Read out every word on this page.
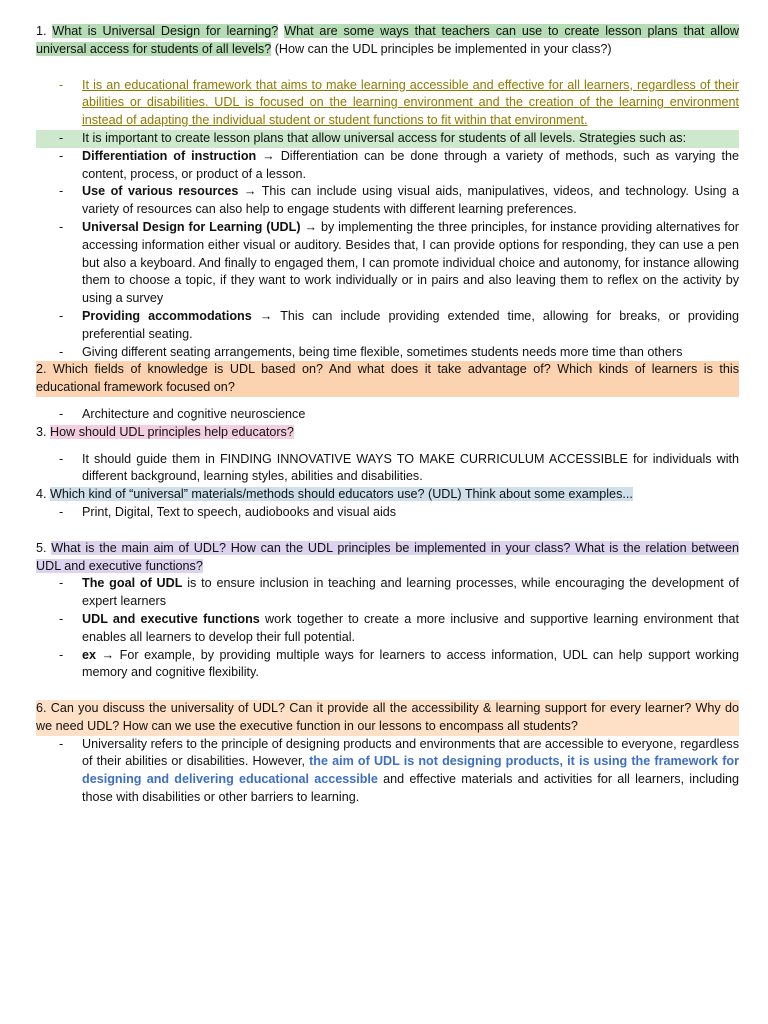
1. What is Universal Design for learning? What are some ways that teachers can use to create lesson plans that allow universal access for students of all levels? (How can the UDL principles be implemented in your class?)

- It is an educational framework that aims to make learning accessible and effective for all learners, regardless of their abilities or disabilities. UDL is focused on the learning environment and the creation of the learning environment instead of adapting the individual student or student functions to fit within that environment.
- It is important to create lesson plans that allow universal access for students of all levels. Strategies such as:
- Differentiation of instruction → Differentiation can be done through a variety of methods, such as varying the content, process, or product of a lesson.
- Use of various resources → This can include using visual aids, manipulatives, videos, and technology. Using a variety of resources can also help to engage students with different learning preferences.
- Universal Design for Learning (UDL) → by implementing the three principles, for instance providing alternatives for accessing information either visual or auditory. Besides that, I can provide options for responding, they can use a pen but also a keyboard. And finally to engaged them, I can promote individual choice and autonomy, for instance allowing them to choose a topic, if they want to work individually or in pairs and also leaving them to reflex on the activity by using a survey
- Providing accommodations → This can include providing extended time, allowing for breaks, or providing preferential seating.
- Giving different seating arrangements, being time flexible, sometimes students needs more time than others

2. Which fields of knowledge is UDL based on? And what does it take advantage of? Which kinds of learners is this educational framework focused on?

- Architecture and cognitive neuroscience

3. How should UDL principles help educators?

- It should guide them in FINDING INNOVATIVE WAYS TO MAKE CURRICULUM ACCESSIBLE for individuals with different background, learning styles, abilities and disabilities.

4. Which kind of “universal” materials/methods should educators use? (UDL) Think about some examples...

- Print, Digital, Text to speech, audiobooks and visual aids

5. What is the main aim of UDL? How can the UDL principles be implemented in your class? What is the relation between UDL and executive functions?

- The goal of UDL is to ensure inclusion in teaching and learning processes, while encouraging the development of expert learners
- UDL and executive functions work together to create a more inclusive and supportive learning environment that enables all learners to develop their full potential.
- ex → For example, by providing multiple ways for learners to access information, UDL can help support working memory and cognitive flexibility.

6. Can you discuss the universality of UDL? Can it provide all the accessibility & learning support for every learner? Why do we need UDL? How can we use the executive function in our lessons to encompass all students?

- Universality refers to the principle of designing products and environments that are accessible to everyone, regardless of their abilities or disabilities. However, the aim of UDL is not designing products, it is using the framework for designing and delivering educational accessible and effective materials and activities for all learners, including those with disabilities or other barriers to learning.
